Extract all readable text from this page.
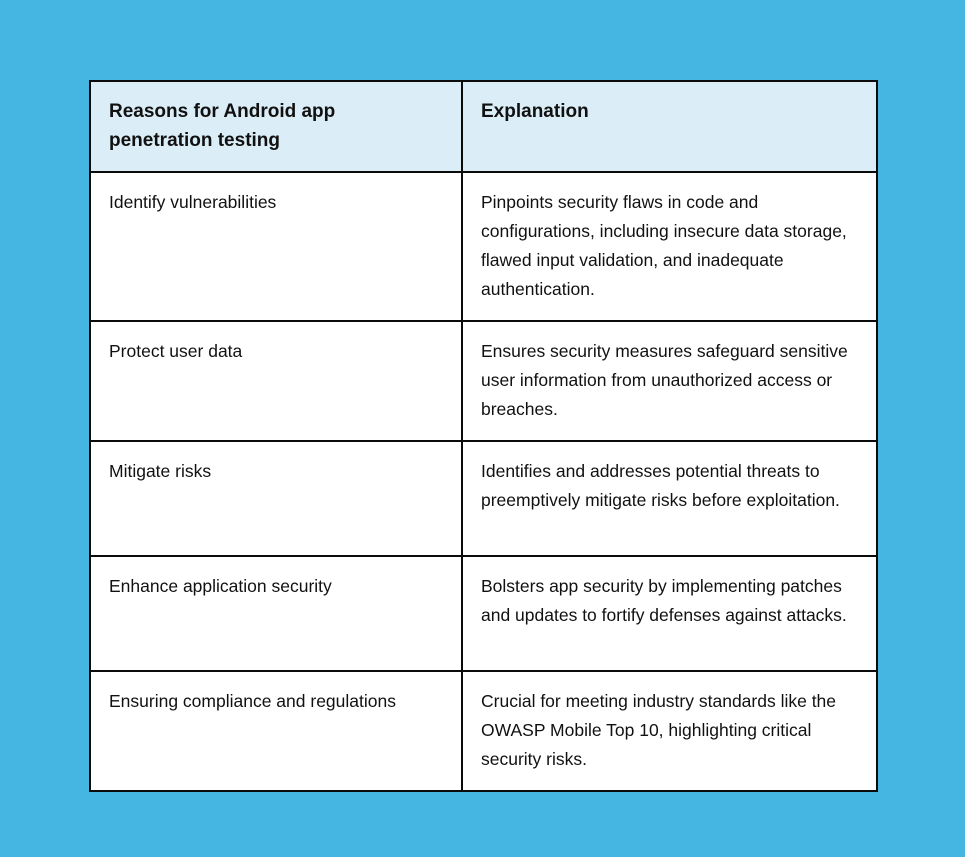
Reasons for Android app penetration testing	Explanation
Identify vulnerabilities	Pinpoints security flaws in code and configurations, including insecure data storage, flawed input validation, and inadequate authentication.
Protect user data	Ensures security measures safeguard sensitive user information from unauthorized access or breaches.
Mitigate risks	Identifies and addresses potential threats to preemptively mitigate risks before exploitation.
Enhance application security	Bolsters app security by implementing patches and updates to fortify defenses against attacks.
Ensuring compliance and regulations	Crucial for meeting industry standards like the OWASP Mobile Top 10, highlighting critical security risks.
